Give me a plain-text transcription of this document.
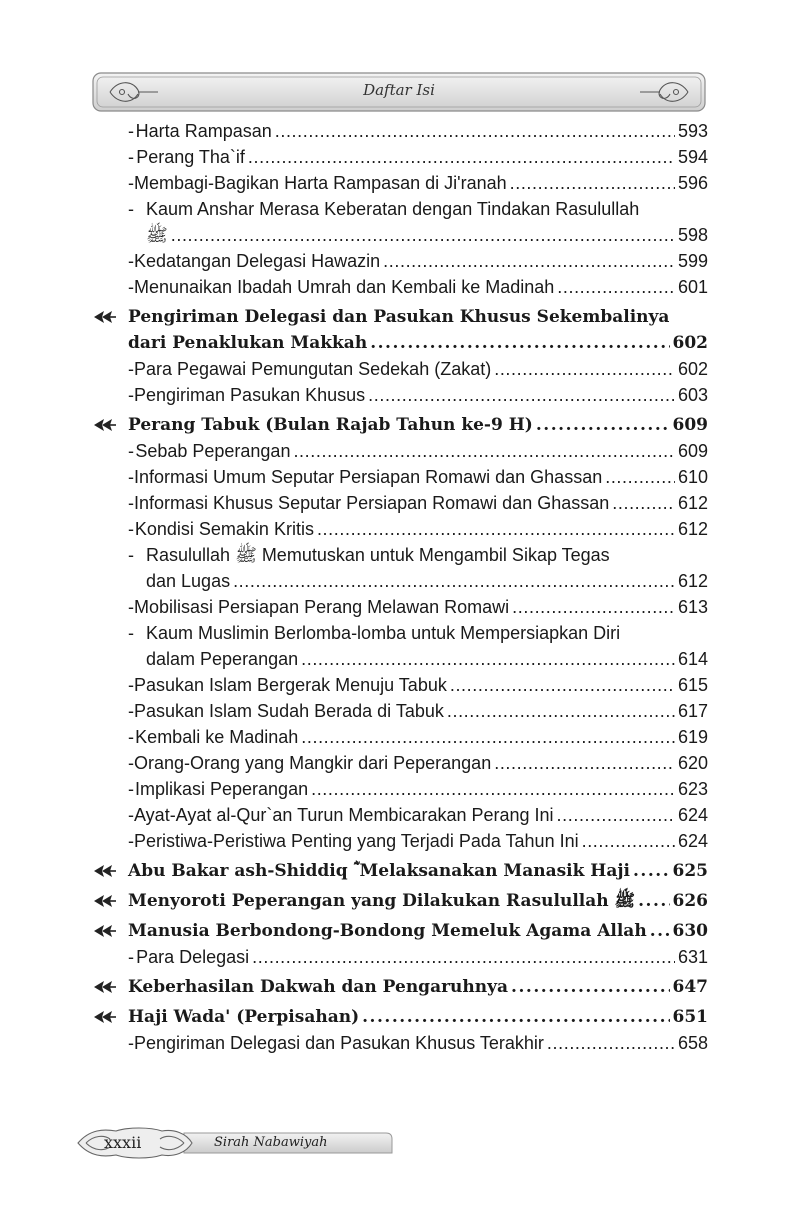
Daftar Isi
- Harta Rampasan . . .	593
- Perang Tha`if . . .	594
- Membagi-Bagikan Harta Rampasan di Ji'ranah . . .	596
- Kaum Anshar Merasa Keberatan dengan Tindakan Rasulullah
ﷺ . . .	598
- Kedatangan Delegasi Hawazin . . .	599
- Menunaikan Ibadah Umrah dan Kembali ke Madinah . . .	601
Pengiriman Delegasi dan Pasukan Khusus Sekembalinya
dari Penaklukan Makkah . . .	602
- Para Pegawai Pemungutan Sedekah (Zakat) . . .	602
- Pengiriman Pasukan Khusus . . .	603
Perang Tabuk (Bulan Rajab Tahun ke-9 H) . . .	609
- Sebab Peperangan . . .	609
- Informasi Umum Seputar Persiapan Romawi dan Ghassan . . .	610
- Informasi Khusus Seputar Persiapan Romawi dan Ghassan . . .	612
- Kondisi Semakin Kritis . . .	612
- Rasulullah ﷺ Memutuskan untuk Mengambil Sikap Tegas
dan Lugas . . .	612
- Mobilisasi Persiapan Perang Melawan Romawi . . .	613
- Kaum Muslimin Berlomba-lomba untuk Mempersiapkan Diri
dalam Peperangan . . .	614
- Pasukan Islam Bergerak Menuju Tabuk . . .	615
- Pasukan Islam Sudah Berada di Tabuk . . .	617
- Kembali ke Madinah . . .	619
- Orang-Orang yang Mangkir dari Peperangan . . .	620
- Implikasi Peperangan . . .	623
- Ayat-Ayat al-Qur`an Turun Membicarakan Perang Ini . . .	624
- Peristiwa-Peristiwa Penting yang Terjadi Pada Tahun Ini . . .	624
Abu Bakar ash-Shiddiq ؓ Melaksanakan Manasik Haji . . .	625
Menyoroti Peperangan yang Dilakukan Rasulullah ﷺ . . . 626
Manusia Berbondong-Bondong Memeluk Agama Allah . . . 630
- Para Delegasi . . .	631
Keberhasilan Dakwah dan Pengaruhnya . . .	647
Haji Wada' (Perpisahan) . . .	651
- Pengiriman Delegasi dan Pasukan Khusus Terakhir . . .	658
xxxii	Sirah Nabawiyah
